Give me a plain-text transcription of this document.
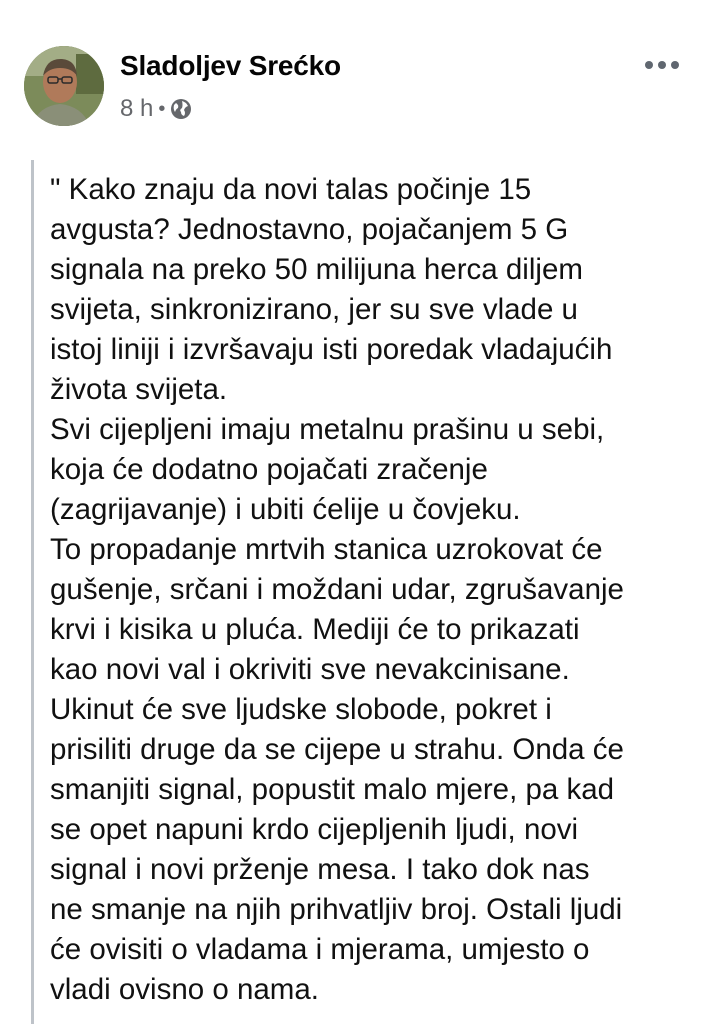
Sladoljev Srećko
8 h •
" Kako znaju da novi talas počinje 15
avgusta? Jednostavno, pojačanjem 5 G
signala na preko 50 milijuna herca diljem
svijeta, sinkronizirano, jer su sve vlade u
istoj liniji i izvršavaju isti poredak vladajućih
života svijeta.
Svi cijepljeni imaju metalnu prašinu u sebi,
koja će dodatno pojačati zračenje
(zagrijavanje) i ubiti ćelije u čovjeku.
To propadanje mrtvih stanica uzrokovat će
gušenje, srčani i moždani udar, zgrušavanje
krvi i kisika u pluća. Mediji će to prikazati
kao novi val i okriviti sve nevakcinisane.
Ukinut će sve ljudske slobode, pokret i
prisiliti druge da se cijepe u strahu. Onda će
smanjiti signal, popustit malo mjere, pa kad
se opet napuni krdo cijepljenih ljudi, novi
signal i novi prženje mesa. I tako dok nas
ne smanje na njih prihvatljiv broj. Ostali ljudi
će ovisiti o vladama i mjerama, umjesto o
vladi ovisno o nama.
